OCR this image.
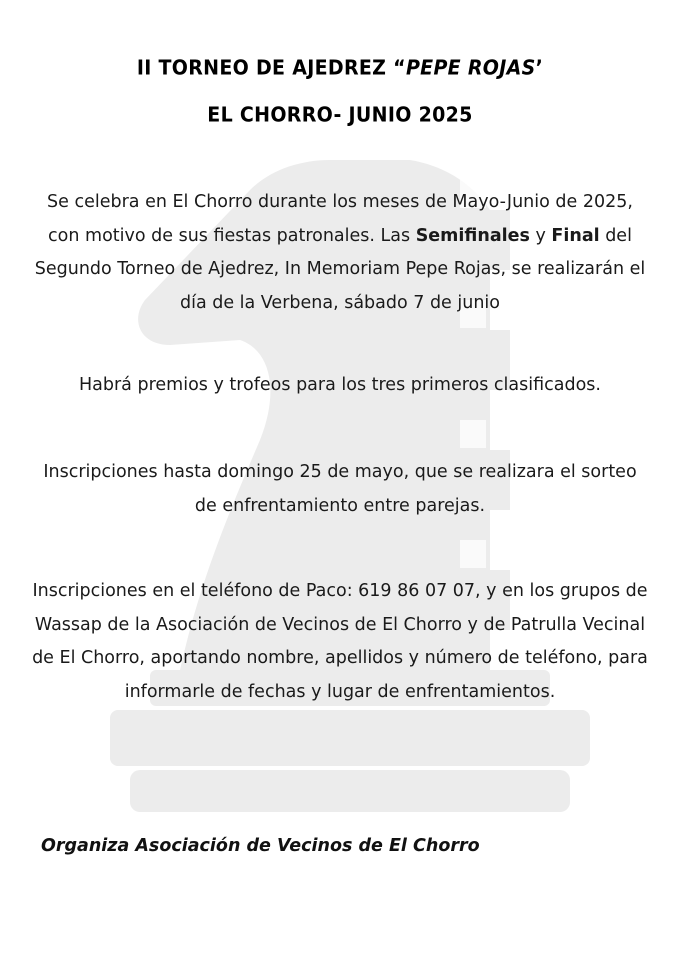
II TORNEO DE AJEDREZ “PEPE ROJAS’
EL CHORRO- JUNIO 2025
Se celebra en El Chorro durante los meses de Mayo-Junio de 2025, con motivo de sus fiestas patronales. Las Semifinales y Final del Segundo Torneo de Ajedrez, In Memoriam Pepe Rojas, se realizarán el día de la Verbena, sábado 7 de junio
Habrá premios y trofeos para los tres primeros clasificados.
Inscripciones hasta domingo 25 de mayo, que se realizara el sorteo de enfrentamiento entre parejas.
Inscripciones en el teléfono de Paco: 619 86 07 07, y en los grupos de Wassap de la Asociación de Vecinos de El Chorro y de Patrulla Vecinal de El Chorro, aportando nombre, apellidos y número de teléfono, para informarle de fechas y lugar de enfrentamientos.
Organiza Asociación de Vecinos de El Chorro
